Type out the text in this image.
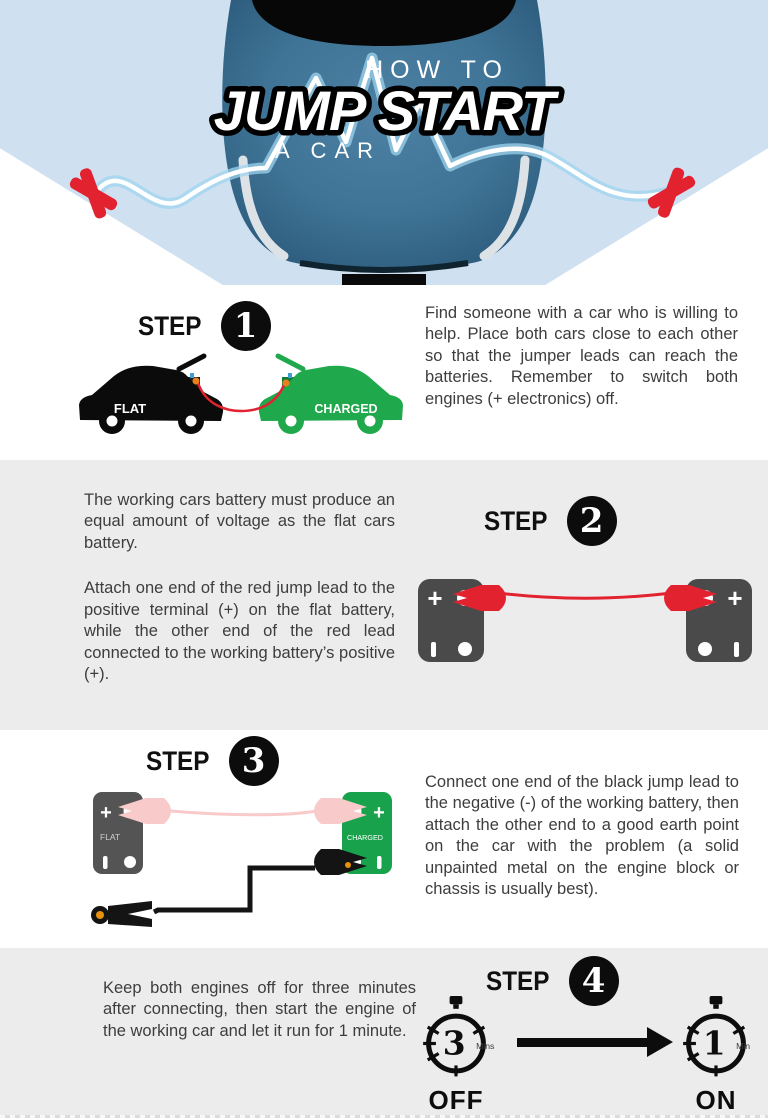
HOW TO
JUMP START
A CAR
STEP 1
FLAT	CHARGED

Find someone with a car who is willing to help. Place both cars close to each other so that the jumper leads can reach the batteries. Remember to switch both engines (+ electronics) off.

The working cars battery must produce an equal amount of voltage as the flat cars battery.

Attach one end of the red jump lead to the positive terminal (+) on the flat battery, while the other end of the red lead connected to the working battery’s positive (+).

STEP 2
+	+
STEP 3
+
FLAT
+
CHARGED

Connect one end of the black jump lead to the negative (-) of the working battery, then attach the other end to a good earth point on the car with the problem (a solid unpainted metal on the engine block or chassis is usually best).

Keep both engines off for three minutes after connecting, then start the engine of the working car and let it run for 1 minute.

STEP 4
3 Mins
OFF
1 Min
ON
